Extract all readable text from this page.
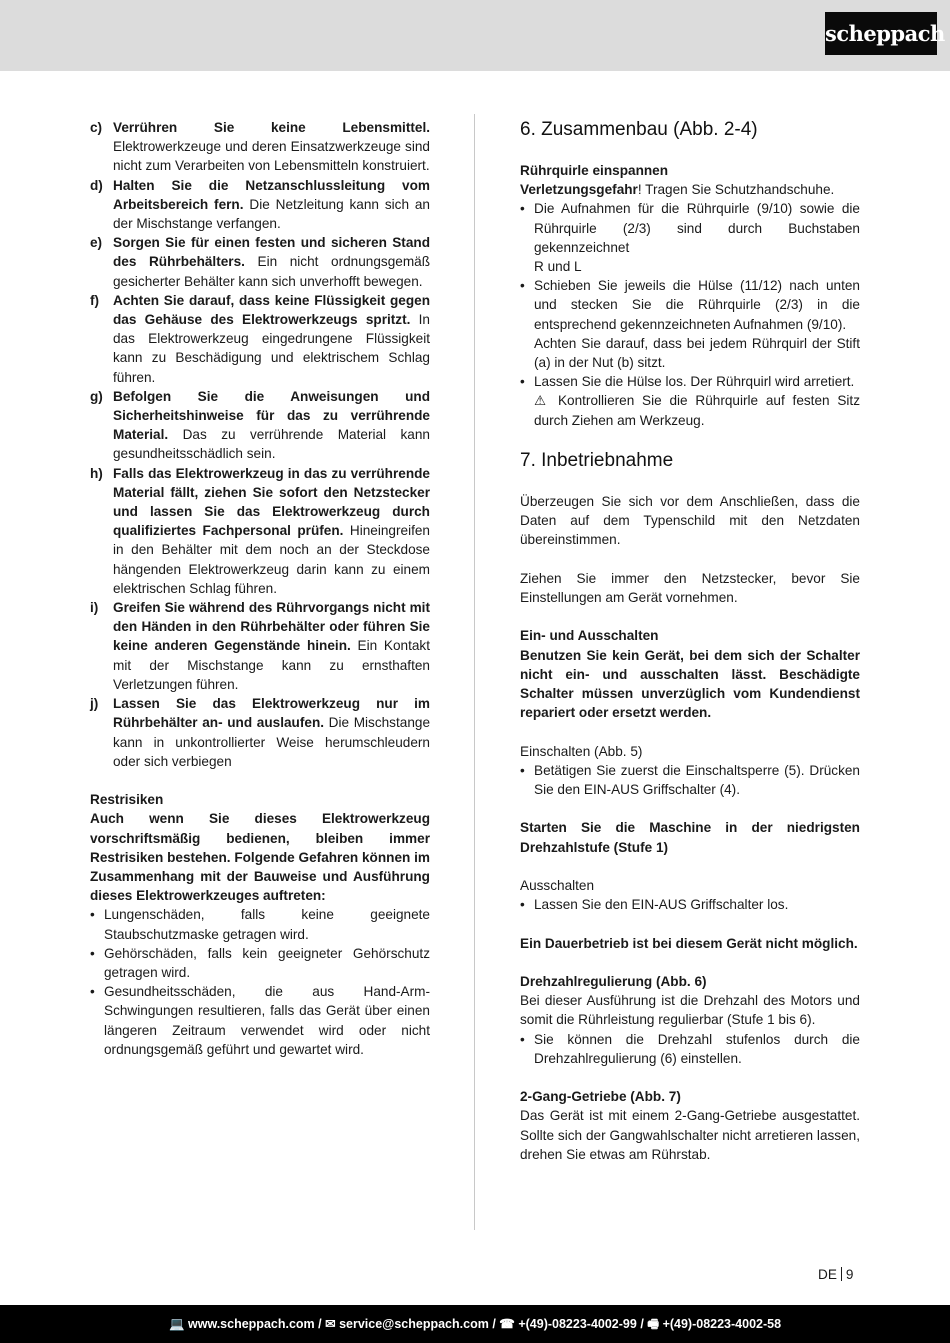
scheppach
c) Verrühren Sie keine Lebensmittel. Elektrowerkzeuge und deren Einsatzwerkzeuge sind nicht zum Verarbeiten von Lebensmitteln konstruiert.
d) Halten Sie die Netzanschlussleitung vom Arbeitsbereich fern. Die Netzleitung kann sich an der Mischstange verfangen.
e) Sorgen Sie für einen festen und sicheren Stand des Rührbehälters. Ein nicht ordnungsgemäß gesicherter Behälter kann sich unverhofft bewegen.
f) Achten Sie darauf, dass keine Flüssigkeit gegen das Gehäuse des Elektrowerkzeugs spritzt. In das Elektrowerkzeug eingedrungene Flüssigkeit kann zu Beschädigung und elektrischem Schlag führen.
g) Befolgen Sie die Anweisungen und Sicherheitshinweise für das zu verrührende Material. Das zu verrührende Material kann gesundheitsschädlich sein.
h) Falls das Elektrowerkzeug in das zu verrührende Material fällt, ziehen Sie sofort den Netzstecker und lassen Sie das Elektrowerkzeug durch qualifiziertes Fachpersonal prüfen. Hineingreifen in den Behälter mit dem noch an der Steckdose hängenden Elektrowerkzeug darin kann zu einem elektrischen Schlag führen.
i) Greifen Sie während des Rührvorgangs nicht mit den Händen in den Rührbehälter oder führen Sie keine anderen Gegenstände hinein. Ein Kontakt mit der Mischstange kann zu ernsthaften Verletzungen führen.
j) Lassen Sie das Elektrowerkzeug nur im Rührbehälter an- und auslaufen. Die Mischstange kann in unkontrollierter Weise herumschleudern oder sich verbiegen

Restrisiken

Auch wenn Sie dieses Elektrowerkzeug vorschriftsmäßig bedienen, bleiben immer Restrisiken bestehen. Folgende Gefahren können im Zusammenhang mit der Bauweise und Ausführung dieses Elektrowerkzeuges auftreten:

• Lungenschäden, falls keine geeignete Staubschutzmaske getragen wird.
• Gehörschäden, falls kein geeigneter Gehörschutz getragen wird.
• Gesundheitsschäden, die aus Hand-Arm- Schwingungen resultieren, falls das Gerät über einen längeren Zeitraum verwendet wird oder nicht ordnungsgemäß geführt und gewartet wird.
6. Zusammenbau (Abb. 2-4)

Rührquirle einspannen

Verletzungsgefahr! Tragen Sie Schutzhandschuhe.

• Die Aufnahmen für die Rührquirle (9/10) sowie die Rührquirle (2/3) sind durch Buchstaben gekennzeichnet
R und L
• Schieben Sie jeweils die Hülse (11/12) nach unten und stecken Sie die Rührquirle (2/3) in die entsprechend gekennzeichneten Aufnahmen (9/10).
Achten Sie darauf, dass bei jedem Rührquirl der Stift (a) in der Nut (b) sitzt.
• Lassen Sie die Hülse los. Der Rührquirl wird arretiert.
⚠ Kontrollieren Sie die Rührquirle auf festen Sitz durch Ziehen am Werkzeug.
7. Inbetriebnahme

Überzeugen Sie sich vor dem Anschließen, dass die Daten auf dem Typenschild mit den Netzdaten übereinstimmen.

Ziehen Sie immer den Netzstecker, bevor Sie Einstellungen am Gerät vornehmen.

Ein- und Ausschalten

Benutzen Sie kein Gerät, bei dem sich der Schalter nicht ein- und ausschalten lässt. Beschädigte Schalter müssen unverzüglich vom Kundendienst repariert oder ersetzt werden.

Einschalten (Abb. 5)

• Betätigen Sie zuerst die Einschaltsperre (5). Drücken Sie den EIN-AUS Griffschalter (4).

Starten Sie die Maschine in der niedrigsten Drehzahlstufe (Stufe 1)

Ausschalten

• Lassen Sie den EIN-AUS Griffschalter los.

Ein Dauerbetrieb ist bei diesem Gerät nicht möglich.

Drehzahlregulierung (Abb. 6)

Bei dieser Ausführung ist die Drehzahl des Motors und somit die Rührleistung regulierbar (Stufe 1 bis 6).

• Sie können die Drehzahl stufenlos durch die Drehzahlregulierung (6) einstellen.

2-Gang-Getriebe (Abb. 7)

Das Gerät ist mit einem 2-Gang-Getriebe ausgestattet. Sollte sich der Gangwahlschalter nicht arretieren lassen, drehen Sie etwas am Rührstab.

DE 9
💻 www.scheppach.com / ✉ service@scheppach.com / ☎ +(49)-08223-4002-99 / 🖷 +(49)-08223-4002-58
